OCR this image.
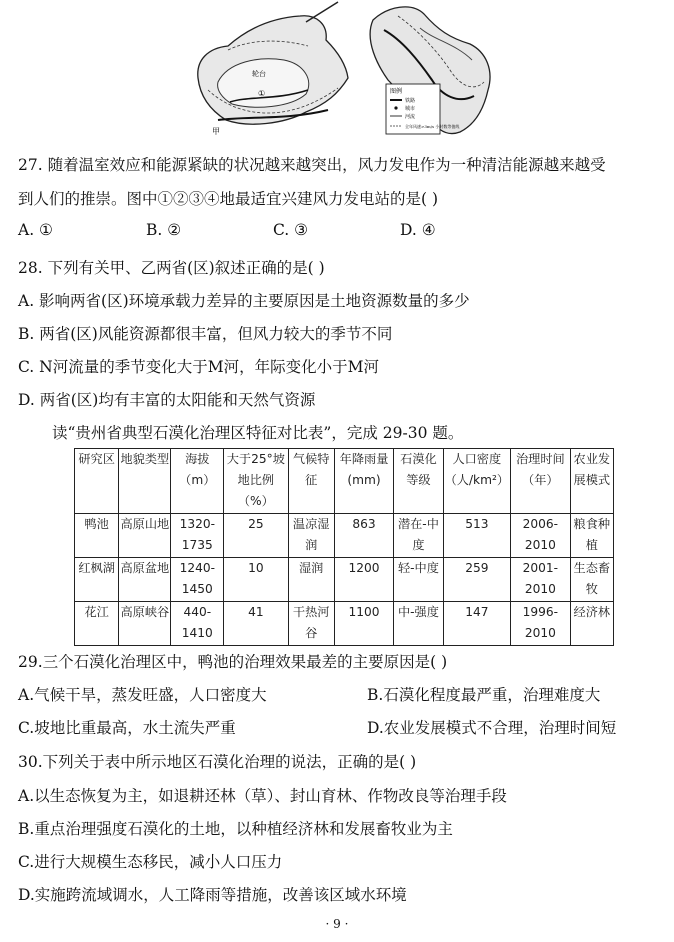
①
轮台
甲
图例
铁路
城市
河流
全年风速>3m/s 小时数等值线
27. 随着温室效应和能源紧缺的状况越来越突出，风力发电作为一种清洁能源越来越受
到人们的推崇。图中①②③④地最适宜兴建风力发电站的是( )
A. ①	B. ②	C. ③	D. ④
28. 下列有关甲、乙两省(区)叙述正确的是( )
A. 影响两省(区)环境承载力差异的主要原因是土地资源数量的多少
B. 两省(区)风能资源都很丰富，但风力较大的季节不同
C. N河流量的季节变化大于M河，年际变化小于M河
D. 两省(区)均有丰富的太阳能和天然气资源
读“贵州省典型石漠化治理区特征对比表”，完成 29-30 题。
研究区	地貌类型	海拔（m）	大于25°坡地比例（%）	气候特征	年降雨量(mm)	石漠化等级	人口密度（人/km²）	治理时间（年）	农业发展模式
鸭池	高原山地	1320-1735	25	温凉湿润	863	潜在-中度	513	2006-2010	粮食种植
红枫湖	高原盆地	1240-1450	10	湿润	1200	轻-中度	259	2001-2010	生态畜牧
花江	高原峡谷	440-1410	41	干热河谷	1100	中-强度	147	1996-2010	经济林
29.三个石漠化治理区中，鸭池的治理效果最差的主要原因是( )
A.气候干旱，蒸发旺盛，人口密度大	B.石漠化程度最严重，治理难度大
C.坡地比重最高，水土流失严重	D.农业发展模式不合理，治理时间短
30.下列关于表中所示地区石漠化治理的说法，正确的是( )
A.以生态恢复为主，如退耕还林（草）、封山育林、作物改良等治理手段
B.重点治理强度石漠化的土地，以种植经济林和发展畜牧业为主
C.进行大规模生态移民，减小人口压力
D.实施跨流域调水，人工降雨等措施，改善该区域水环境
· 9 ·
